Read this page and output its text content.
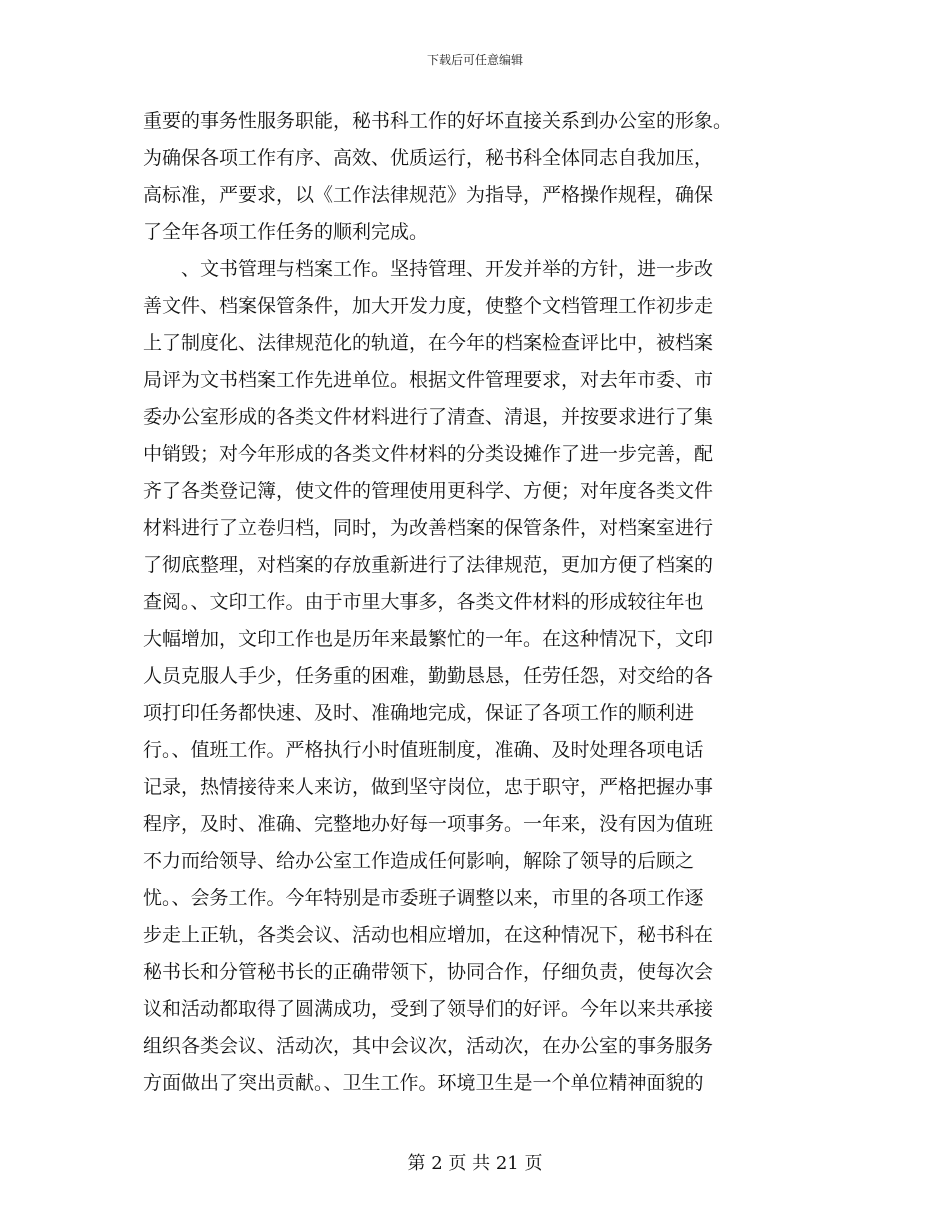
下载后可任意编辑
重要的事务性服务职能，秘书科工作的好坏直接关系到办公室的形象。
为确保各项工作有序、高效、优质运行，秘书科全体同志自我加压，
高标准，严要求，以《工作法律规范》为指导，严格操作规程，确保
了全年各项工作任务的顺利完成。
、文书管理与档案工作。坚持管理、开发并举的方针，进一步改
善文件、档案保管条件，加大开发力度，使整个文档管理工作初步走
上了制度化、法律规范化的轨道，在今年的档案检查评比中，被档案
局评为文书档案工作先进单位。根据文件管理要求，对去年市委、市
委办公室形成的各类文件材料进行了清查、清退，并按要求进行了集
中销毁；对今年形成的各类文件材料的分类设摊作了进一步完善，配
齐了各类登记簿，使文件的管理使用更科学、方便；对年度各类文件
材料进行了立卷归档，同时，为改善档案的保管条件，对档案室进行
了彻底整理，对档案的存放重新进行了法律规范，更加方便了档案的
查阅。、文印工作。由于市里大事多，各类文件材料的形成较往年也
大幅增加，文印工作也是历年来最繁忙的一年。在这种情况下，文印
人员克服人手少，任务重的困难，勤勤恳恳，任劳任怨，对交给的各
项打印任务都快速、及时、准确地完成，保证了各项工作的顺利进
行。、值班工作。严格执行小时值班制度，准确、及时处理各项电话
记录，热情接待来人来访，做到坚守岗位，忠于职守，严格把握办事
程序，及时、准确、完整地办好每一项事务。一年来，没有因为值班
不力而给领导、给办公室工作造成任何影响，解除了领导的后顾之
忧。、会务工作。今年特别是市委班子调整以来，市里的各项工作逐
步走上正轨，各类会议、活动也相应增加，在这种情况下，秘书科在
秘书长和分管秘书长的正确带领下，协同合作，仔细负责，使每次会
议和活动都取得了圆满成功，受到了领导们的好评。今年以来共承接
组织各类会议、活动次，其中会议次，活动次，在办公室的事务服务
方面做出了突出贡献。、卫生工作。环境卫生是一个单位精神面貌的
第 2 页 共 21 页
